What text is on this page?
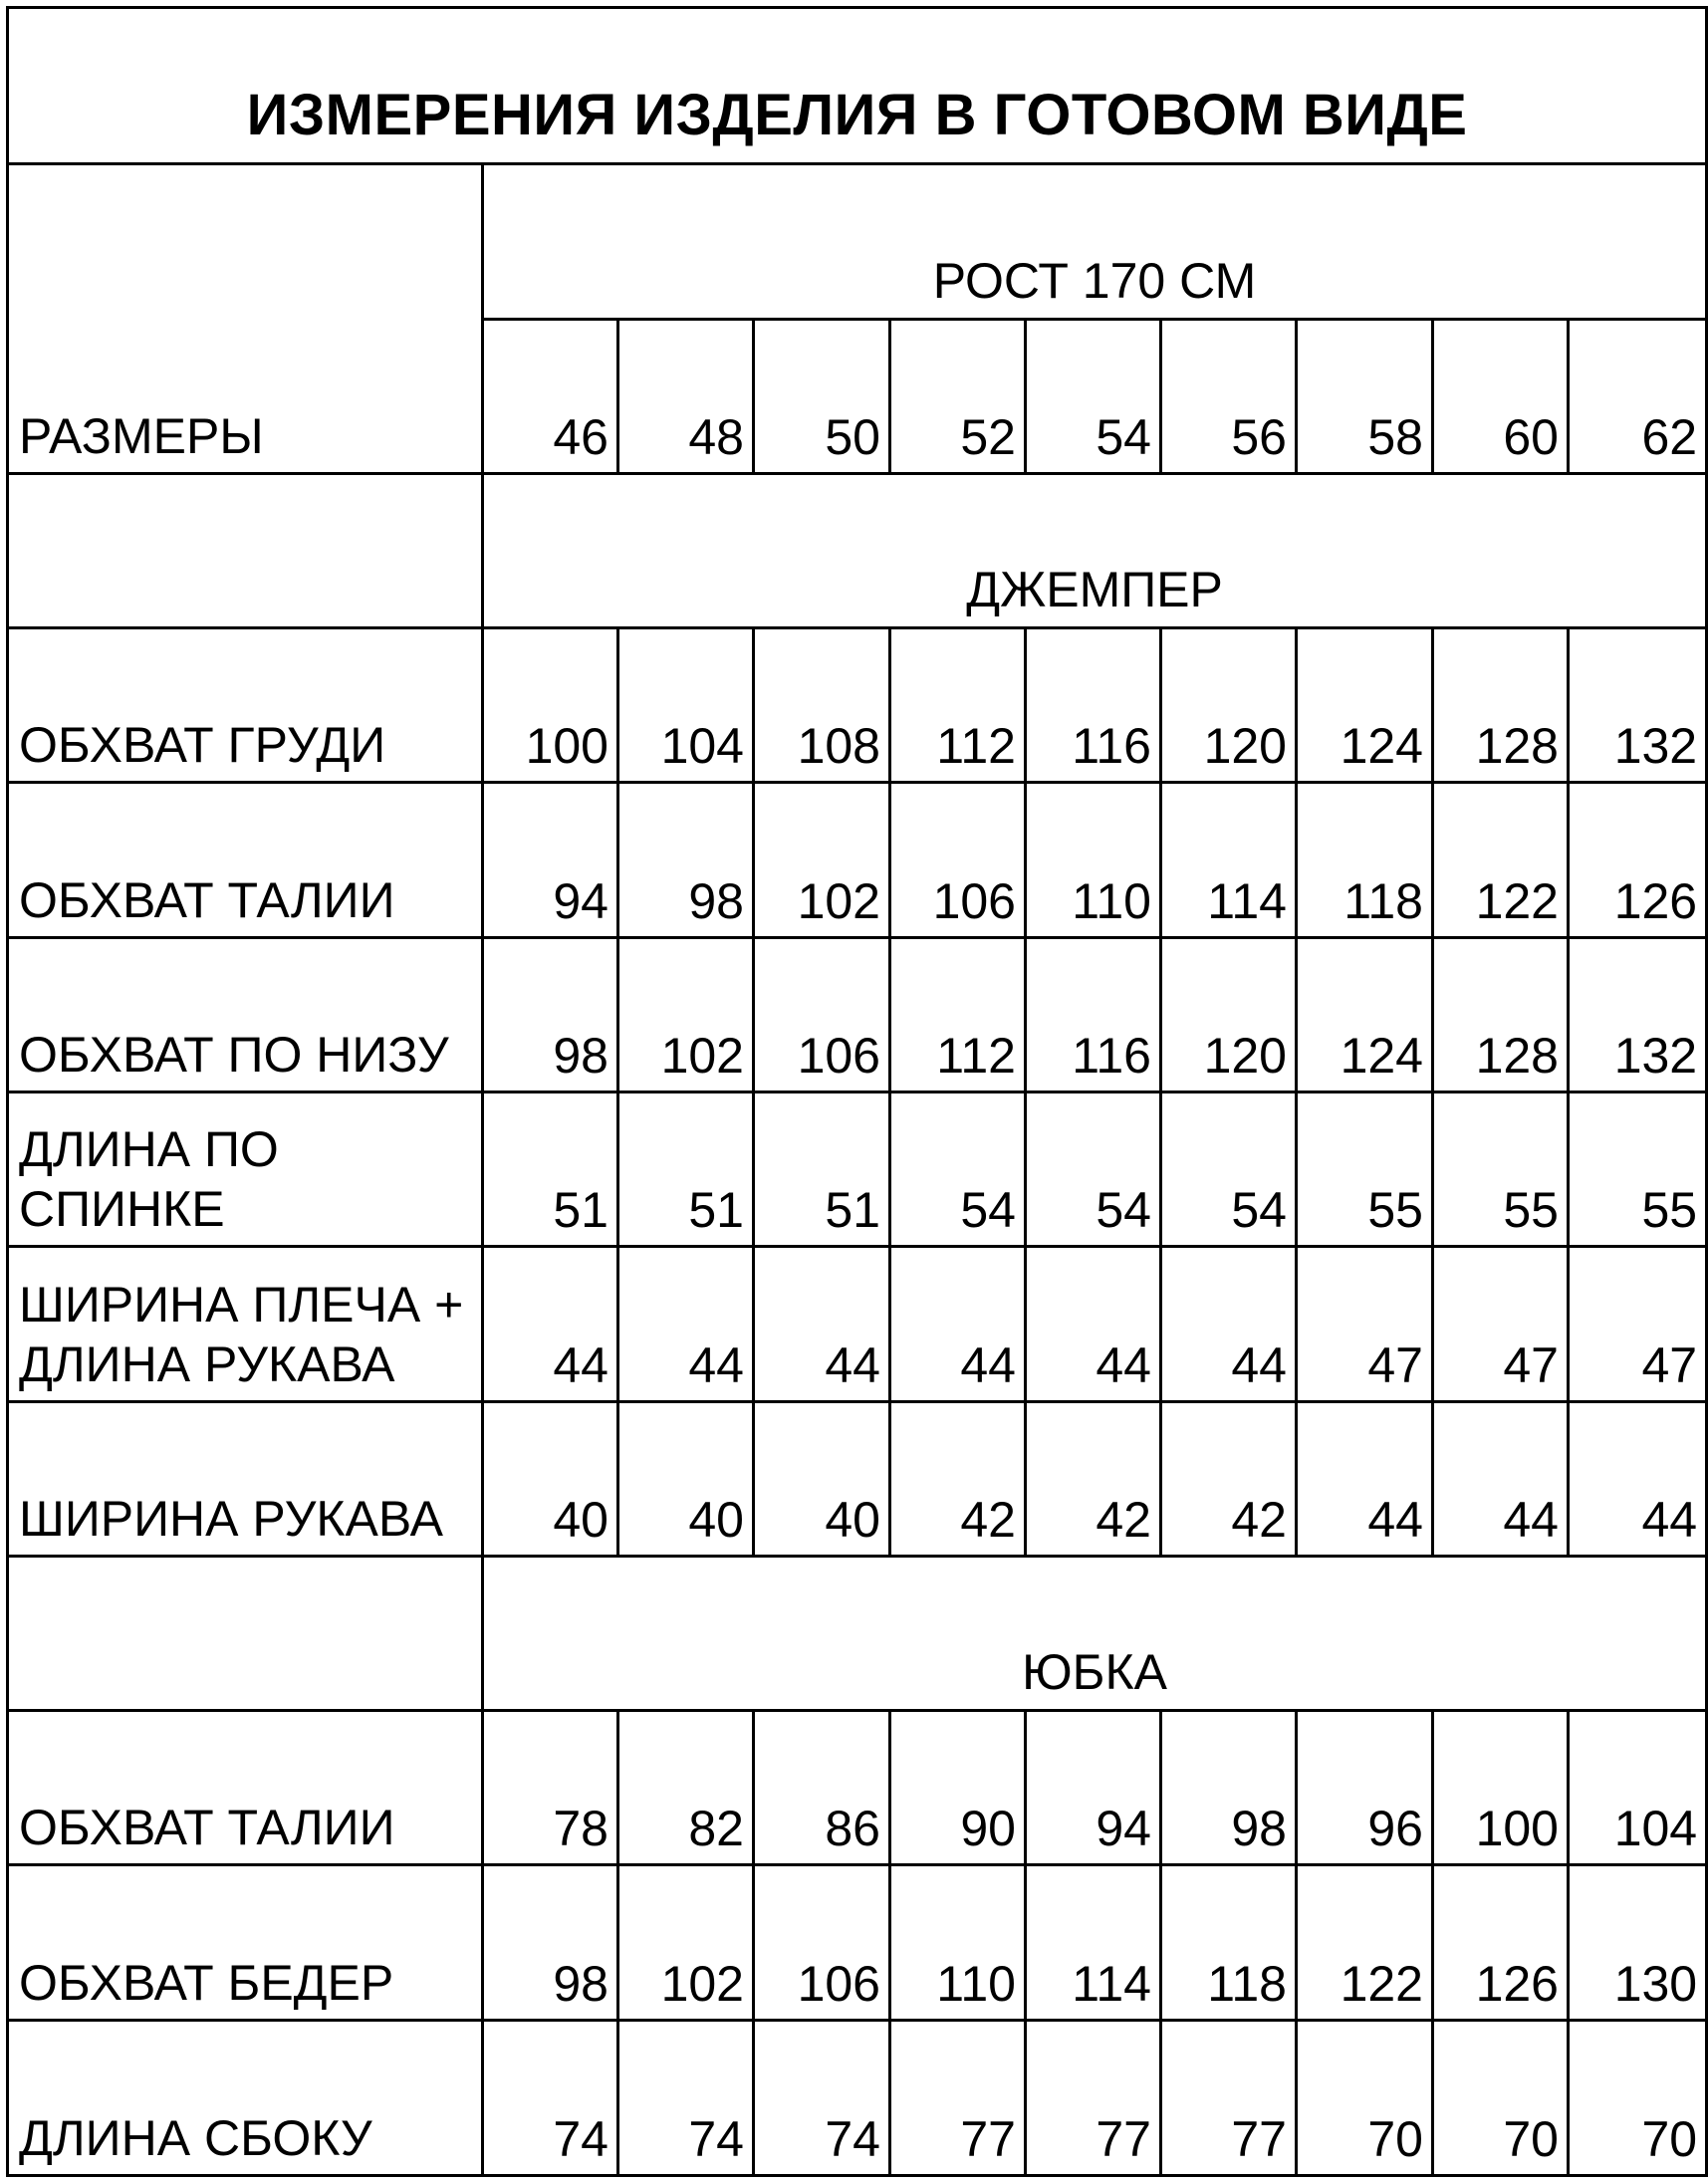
ИЗМЕРЕНИЯ ИЗДЕЛИЯ В ГОТОВОМ ВИДЕ									
	РОСТ 170 СМ								
РАЗМЕРЫ	46	48	50	52	54	56	58	60	62
	ДЖЕМПЕР								
ОБХВАТ ГРУДИ	100	104	108	112	116	120	124	128	132
ОБХВАТ ТАЛИИ	94	98	102	106	110	114	118	122	126
ОБХВАТ ПО НИЗУ	98	102	106	112	116	120	124	128	132
ДЛИНА ПО СПИНКЕ	51	51	51	54	54	54	55	55	55
ШИРИНА ПЛЕЧА + ДЛИНА РУКАВА	44	44	44	44	44	44	47	47	47
ШИРИНА РУКАВА	40	40	40	42	42	42	44	44	44
	ЮБКА								
ОБХВАТ ТАЛИИ	78	82	86	90	94	98	96	100	104
ОБХВАТ БЕДЕР	98	102	106	110	114	118	122	126	130
ДЛИНА СБОКУ	74	74	74	77	77	77	70	70	70
